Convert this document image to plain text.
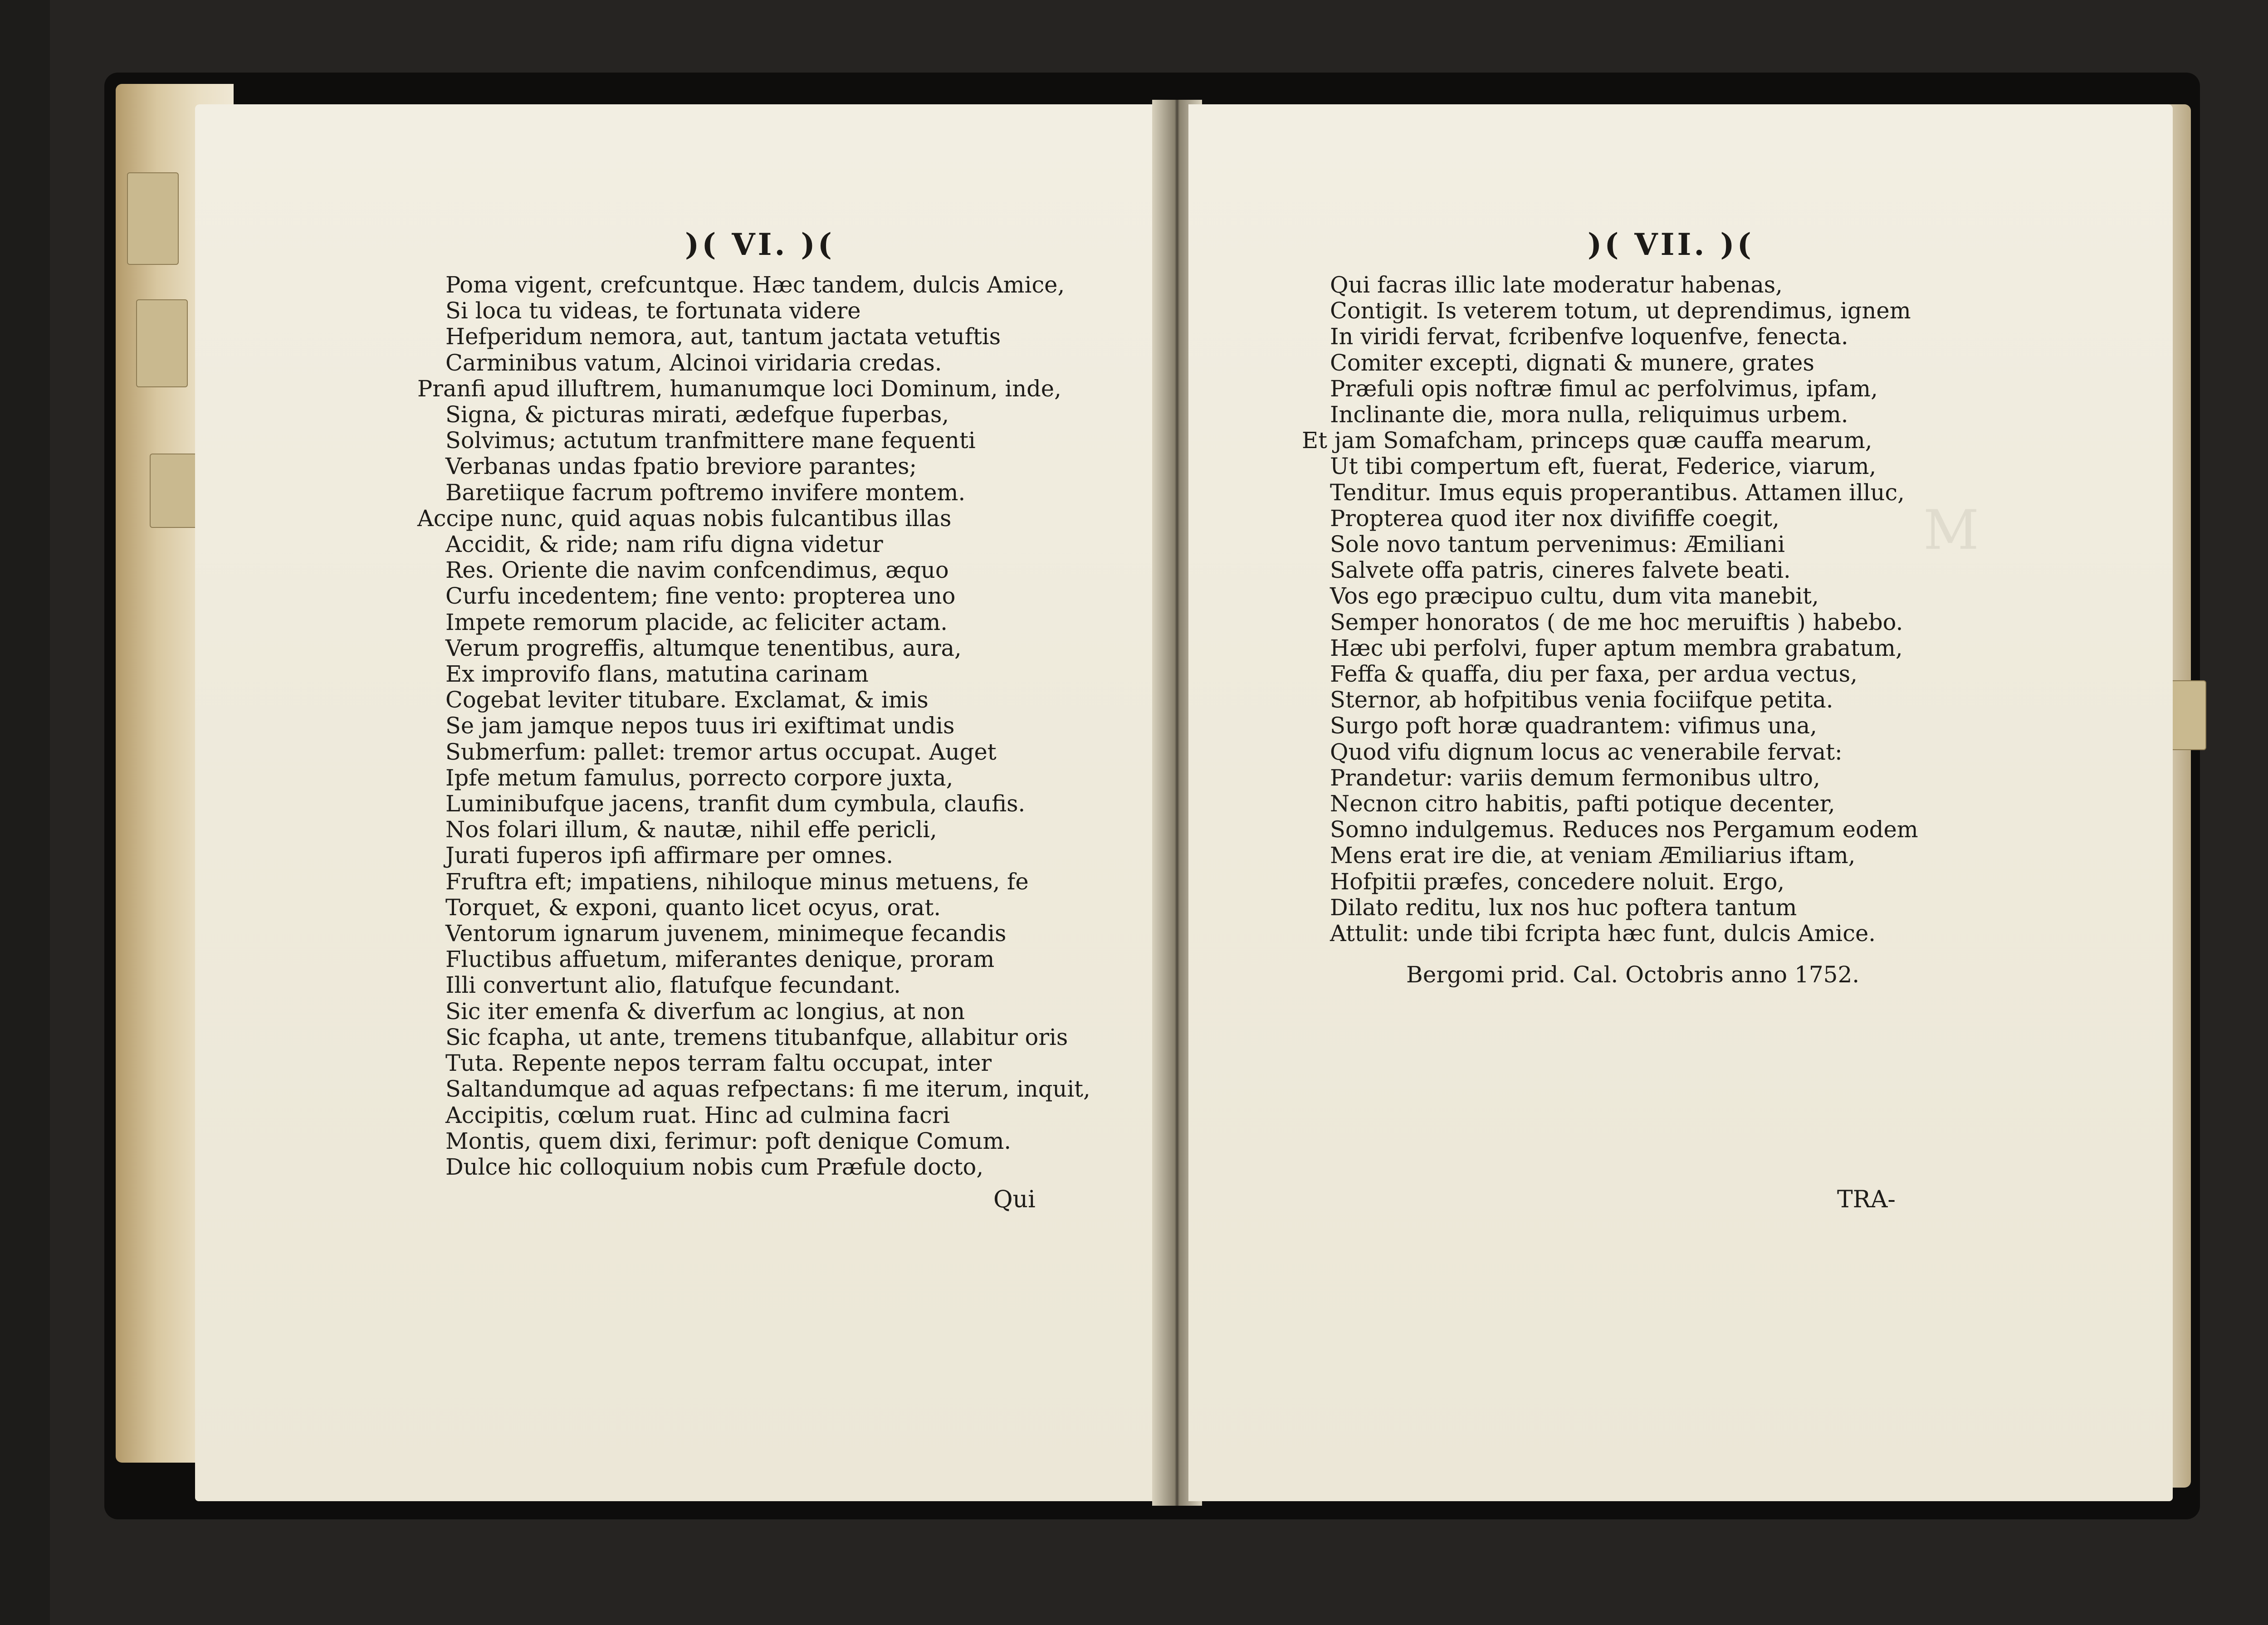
)( VI. )(
Poma vigent, crefcuntque. Hæc tandem, dulcis Amice,
Si loca tu videas, te fortunata videre
Hefperidum nemora, aut, tantum jactata vetuftis
Carminibus vatum, Alcinoi viridaria credas.
Pranfi apud illuftrem, humanumque loci Dominum, inde,
Signa, & picturas mirati, ædefque fuperbas,
Solvimus; actutum tranfmittere mane fequenti
Verbanas undas fpatio breviore parantes;
Baretiique facrum poftremo invifere montem.
Accipe nunc, quid aquas nobis fulcantibus illas
Accidit, & ride; nam rifu digna videtur
Res. Oriente die navim confcendimus, æquo
Curfu incedentem; fine vento: propterea uno
Impete remorum placide, ac feliciter actam.
Verum progreffis, altumque tenentibus, aura,
Ex improvifo flans, matutina carinam
Cogebat leviter titubare. Exclamat, & imis
Se jam jamque nepos tuus iri exiftimat undis
Submerfum: pallet: tremor artus occupat. Auget
Ipfe metum famulus, porrecto corpore juxta,
Luminibufque jacens, tranfit dum cymbula, claufis.
Nos folari illum, & nautæ, nihil effe pericli,
Jurati fuperos ipfi affirmare per omnes.
Fruftra eft; impatiens, nihiloque minus metuens, fe
Torquet, & exponi, quanto licet ocyus, orat.
Ventorum ignarum juvenem, minimeque fecandis
Fluctibus affuetum, miferantes denique, proram
Illi convertunt alio, flatufque fecundant.
Sic iter emenfa & diverfum ac longius, at non
Sic fcapha, ut ante, tremens titubanfque, allabitur oris
Tuta. Repente nepos terram faltu occupat, inter
Saltandumque ad aquas refpectans: fi me iterum, inquit,
Accipitis, cœlum ruat. Hinc ad culmina facri
Montis, quem dixi, ferimur: poft denique Comum.
Dulce hic colloquium nobis cum Præfule docto,
Qui
M
)( VII. )(
Qui facras illic late moderatur habenas,
Contigit. Is veterem totum, ut deprendimus, ignem
In viridi fervat, fcribenfve loquenfve, fenecta.
Comiter excepti, dignati & munere, grates
Præfuli opis noftræ fimul ac perfolvimus, ipfam,
Inclinante die, mora nulla, reliquimus urbem.
Et jam Somafcham, princeps quæ cauffa mearum,
Ut tibi compertum eft, fuerat, Federice, viarum,
Tenditur. Imus equis properantibus. Attamen illuc,
Propterea quod iter nox divififfe coegit,
Sole novo tantum pervenimus: Æmiliani
Salvete offa patris, cineres falvete beati.
Vos ego præcipuo cultu, dum vita manebit,
Semper honoratos ( de me hoc meruiftis ) habebo.
Hæc ubi perfolvi, fuper aptum membra grabatum,
Feffa & quaffa, diu per faxa, per ardua vectus,
Sternor, ab hofpitibus venia fociifque petita.
Surgo poft horæ quadrantem: vifimus una,
Quod vifu dignum locus ac venerabile fervat:
Prandetur: variis demum fermonibus ultro,
Necnon citro habitis, pafti potique decenter,
Somno indulgemus. Reduces nos Pergamum eodem
Mens erat ire die, at veniam Æmiliarius iftam,
Hofpitii præfes, concedere noluit. Ergo,
Dilato reditu, lux nos huc poftera tantum
Attulit: unde tibi fcripta hæc funt, dulcis Amice.
Bergomi prid. Cal. Octobris anno 1752.
TRA-
